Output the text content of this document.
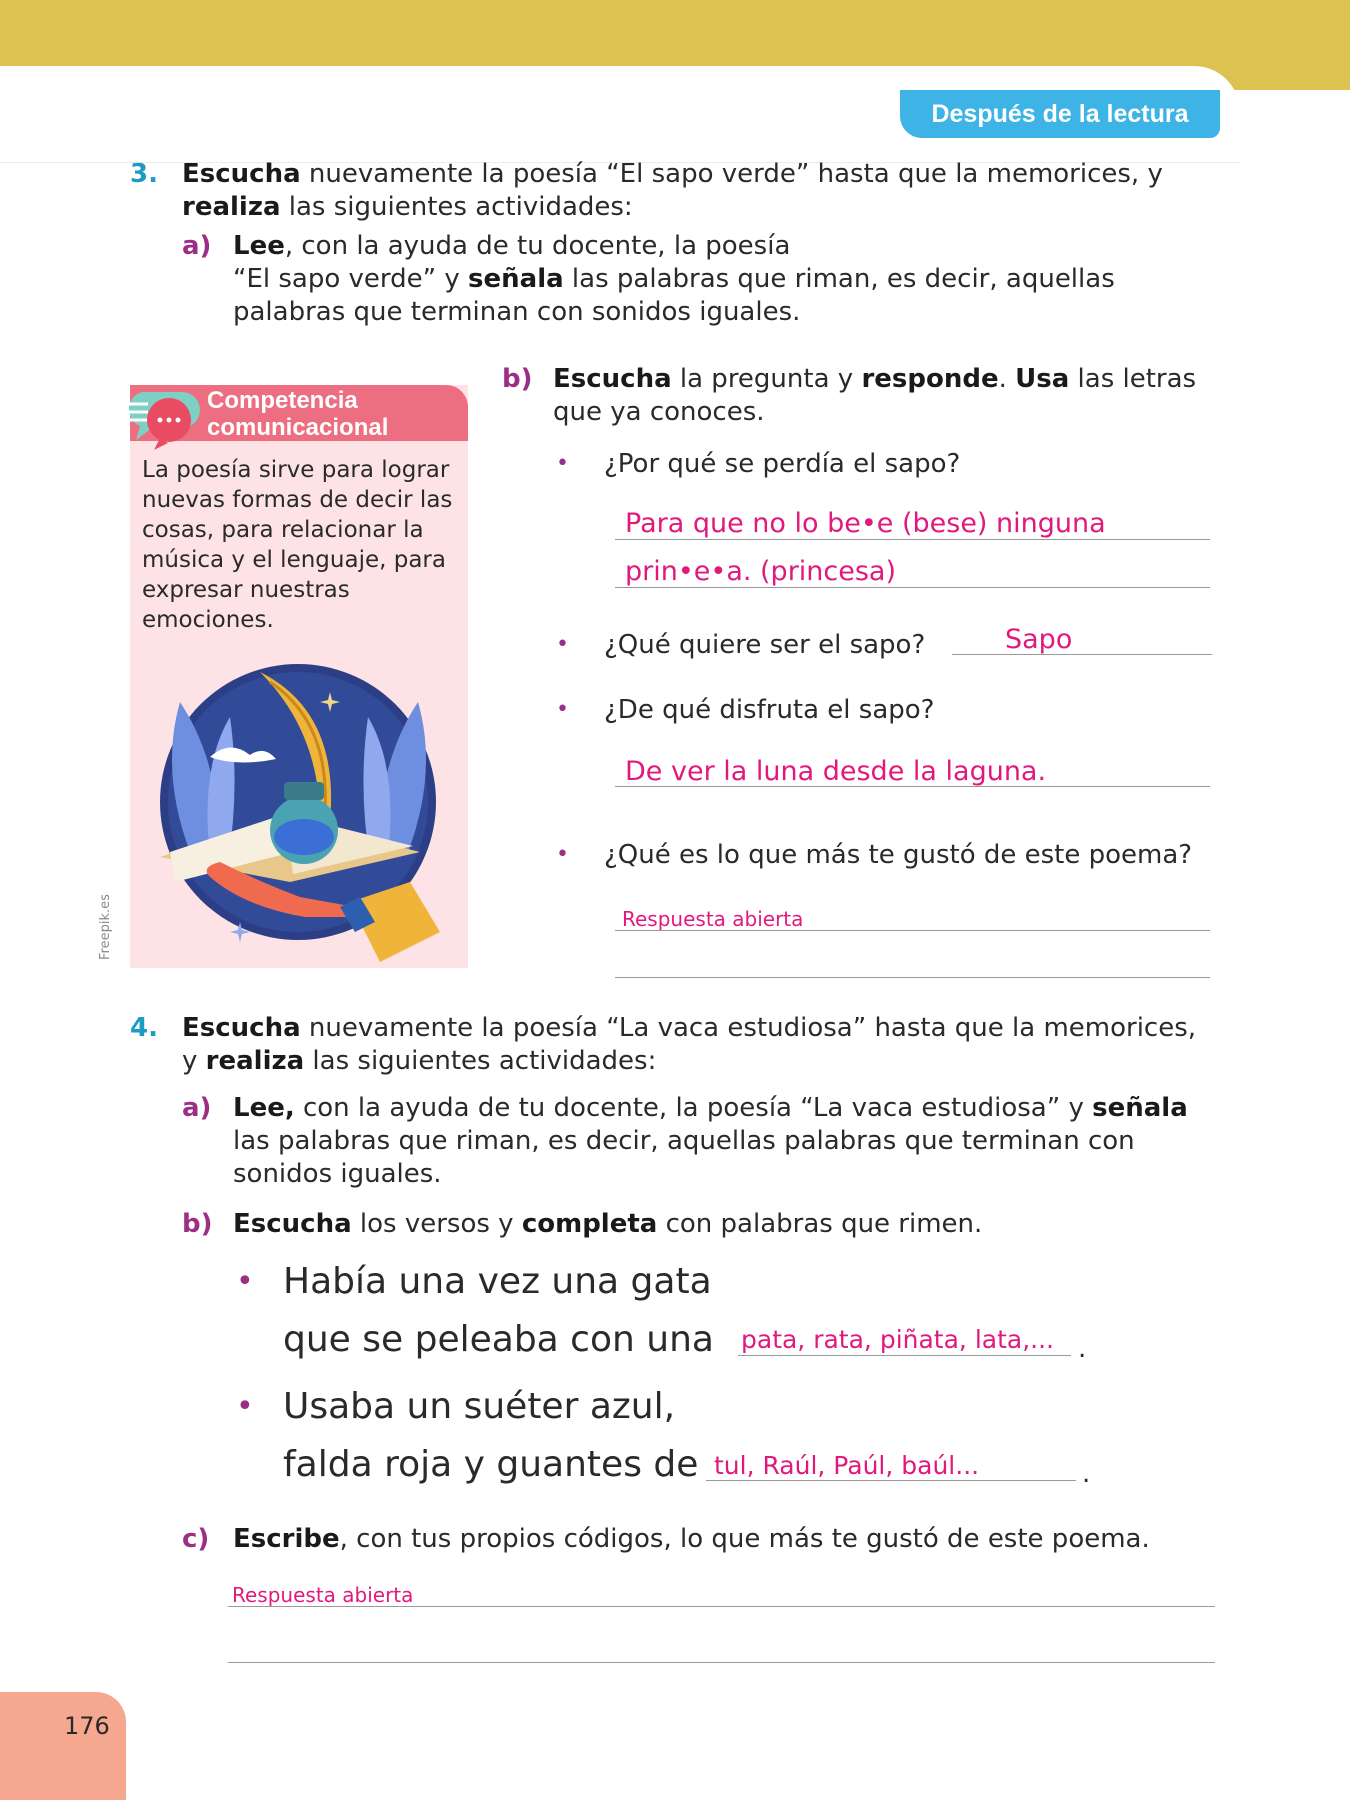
Después de la lectura
3. Escucha nuevamente la poesía “El sapo verde” hasta que la memorices, y
realiza las siguientes actividades:
a) Lee, con la ayuda de tu docente, la poesía
“El sapo verde” y señala las palabras que riman, es decir, aquellas
palabras que terminan con sonidos iguales.
Competencia
comunicacional
La poesía sirve para lograr nuevas formas de decir las cosas, para relacionar la música y el lenguaje, para expresar nuestras emociones.
Freepik.es
b) Escucha la pregunta y responde. Usa las letras
que ya conoces.
• ¿Por qué se perdía el sapo?
Para que no lo be•e (bese) ninguna
prin•e•a. (princesa)
• ¿Qué quiere ser el sapo?	Sapo
• ¿De qué disfruta el sapo?
De ver la luna desde la laguna.
• ¿Qué es lo que más te gustó de este poema?
Respuesta abierta
4. Escucha nuevamente la poesía “La vaca estudiosa” hasta que la memorices,
y realiza las siguientes actividades:
a) Lee, con la ayuda de tu docente, la poesía “La vaca estudiosa” y señala
las palabras que riman, es decir, aquellas palabras que terminan con
sonidos iguales.
b) Escucha los versos y completa con palabras que rimen.
• Había una vez una gata
que se peleaba con una pata, rata, piñata, lata,... .
• Usaba un suéter azul,
falda roja y guantes de tul, Raúl, Paúl, baúl...	.
c) Escribe, con tus propios códigos, lo que más te gustó de este poema.
Respuesta abierta
176
